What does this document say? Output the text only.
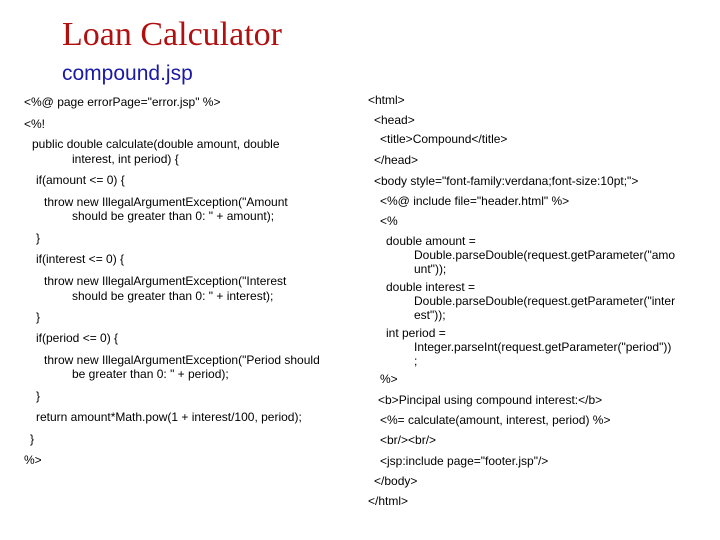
Loan Calculator
compound.jsp
<%@ page errorPage="error.jsp" %>
<%!
public double calculate(double amount, double
interest, int period) {
if(amount <= 0) {
throw new IllegalArgumentException("Amount
should be greater than 0: " + amount);
}
if(interest <= 0) {
throw new IllegalArgumentException("Interest
should be greater than 0: " + interest);
}
if(period <= 0) {
throw new IllegalArgumentException("Period should
be greater than 0: " + period);
}
return amount*Math.pow(1 + interest/100, period);
}
%>
<html>
<head>
<title>Compound</title>
</head>
<body style="font-family:verdana;font-size:10pt;">
<%@ include file="header.html" %>
<%
double amount =
Double.parseDouble(request.getParameter("amo
unt"));
double interest =
Double.parseDouble(request.getParameter("inter
est"));
int period =
Integer.parseInt(request.getParameter("period"))
;
%>
<b>Pincipal using compound interest:</b>
<%= calculate(amount, interest, period) %>
<br/><br/>
<jsp:include page="footer.jsp"/>
</body>
</html>
